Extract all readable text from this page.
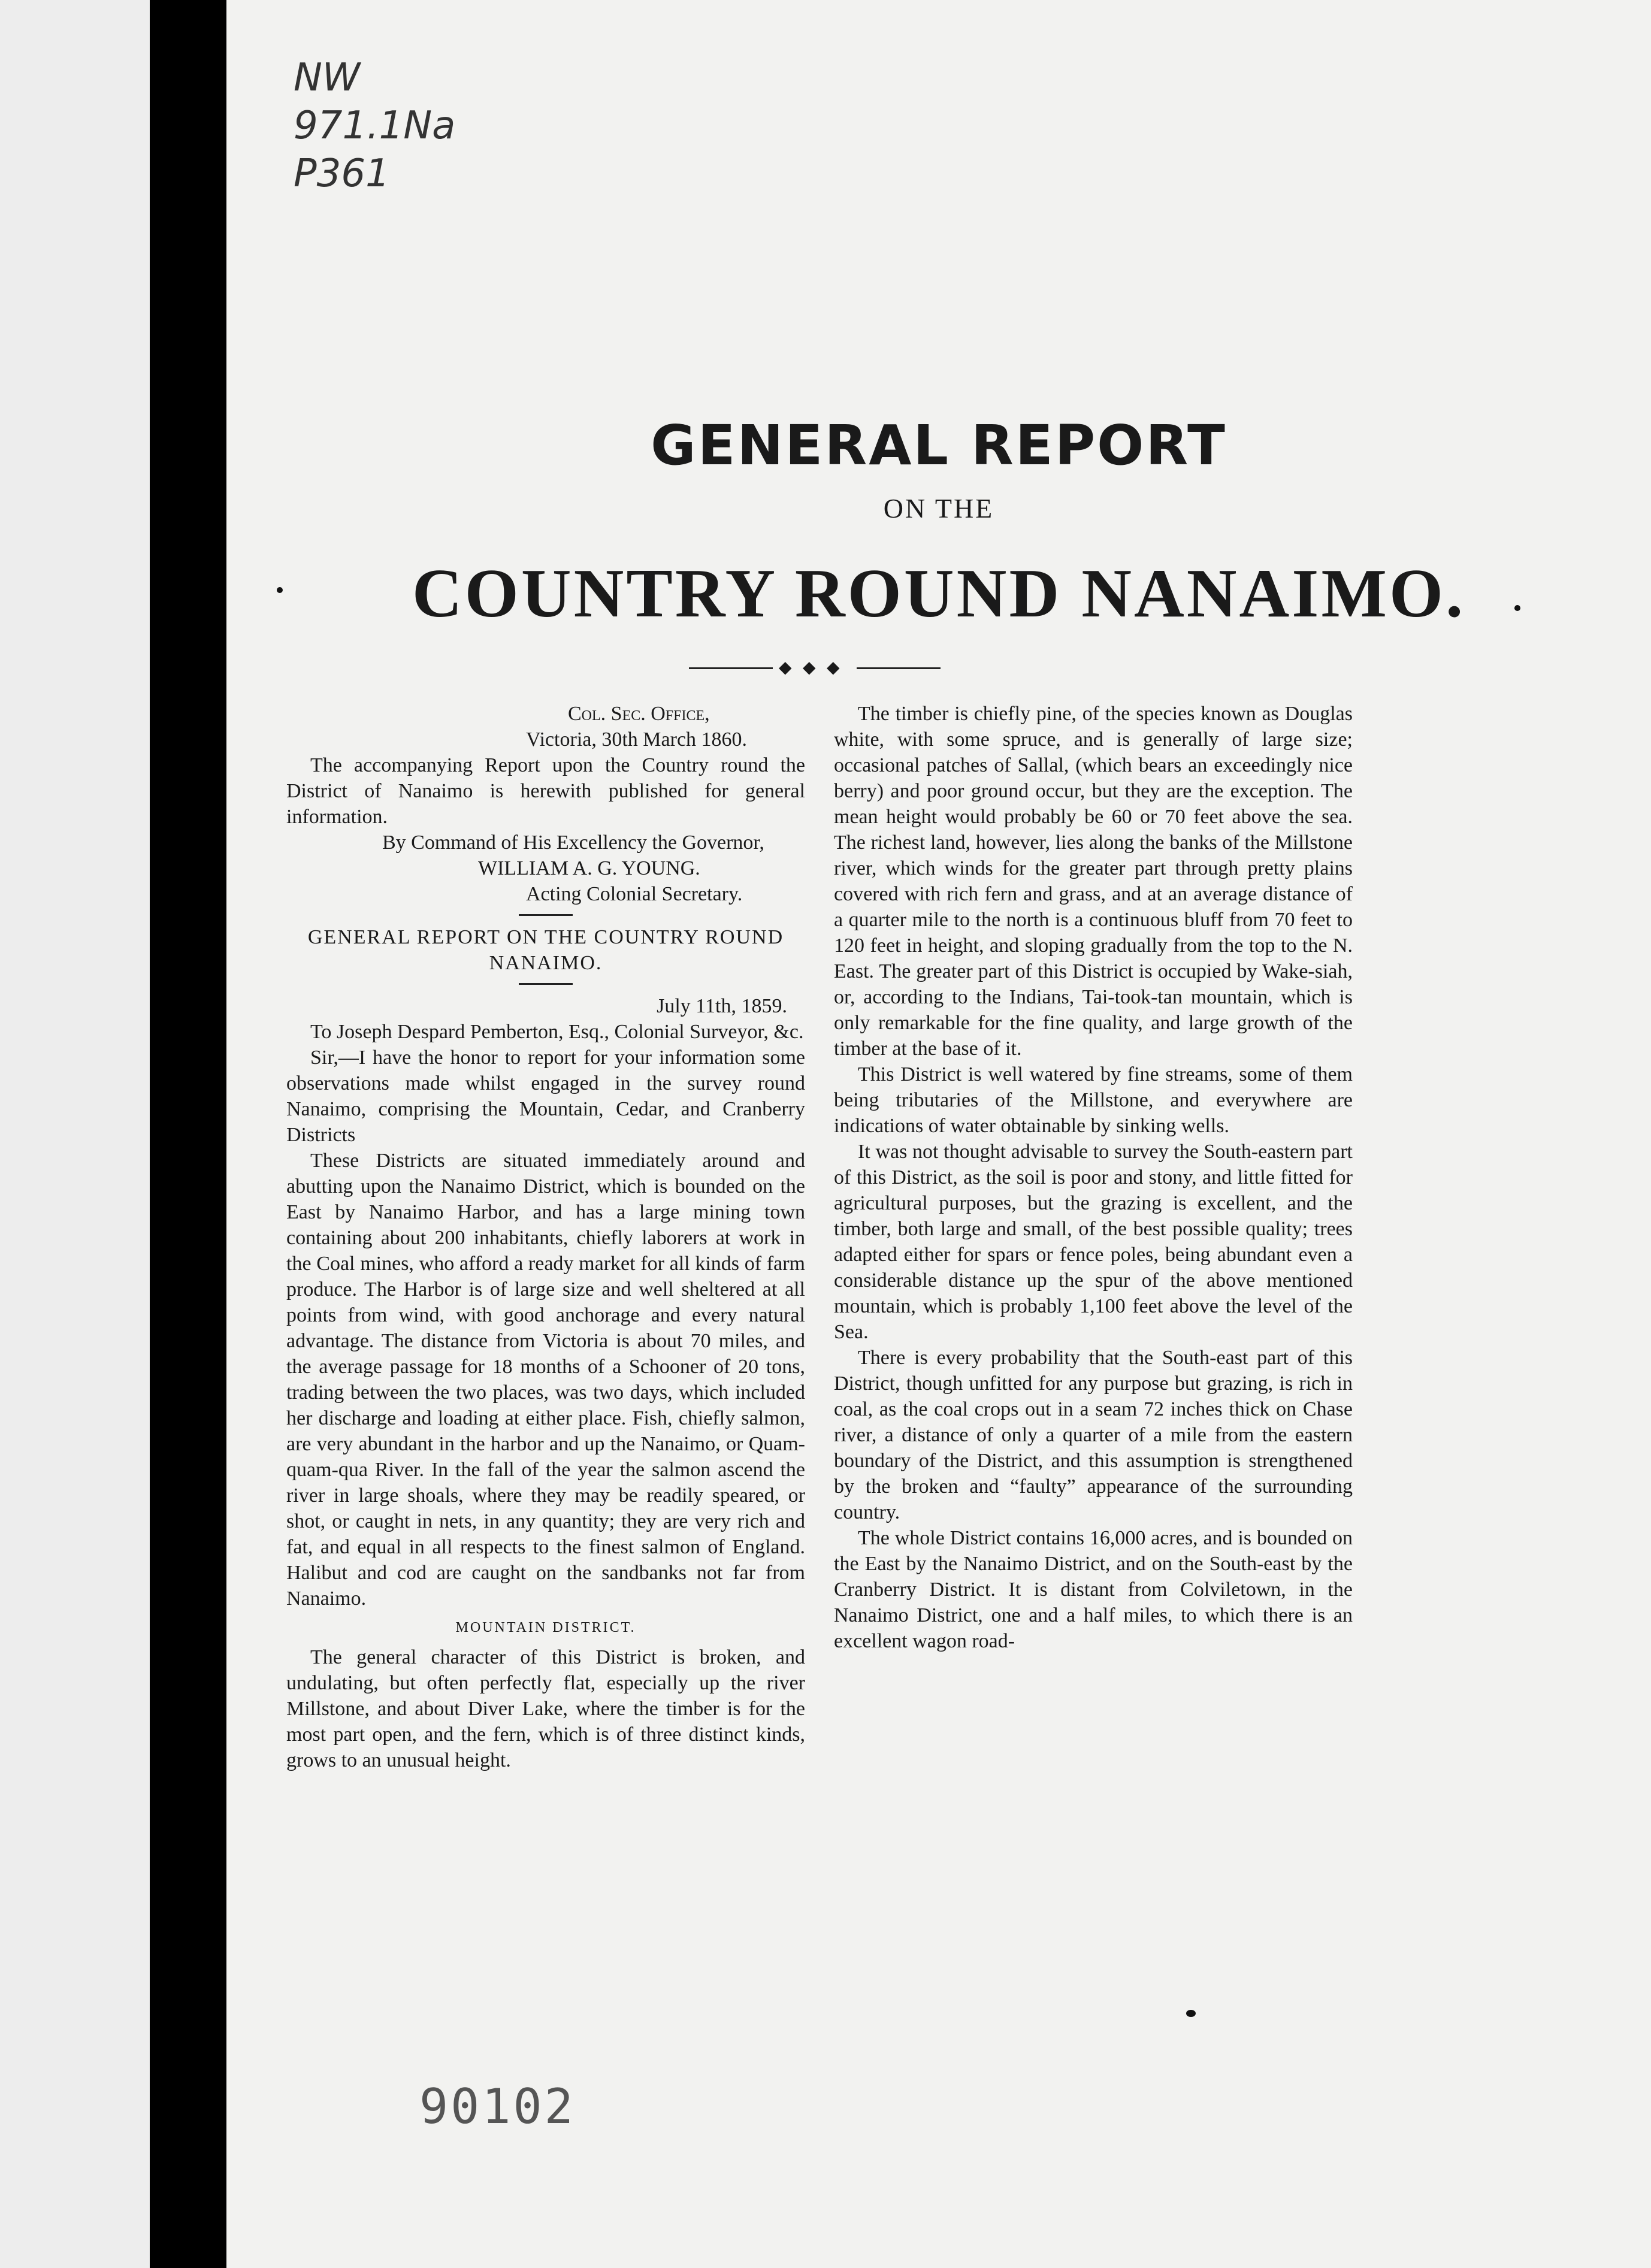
NW
971.1Na
P361
GENERAL REPORT
ON THE
COUNTRY ROUND NANAIMO.
◆ ◆ ◆

Col. Sec. Office,

Victoria, 30th March 1860.

The accompanying Report upon the Country round the District of Nanaimo is herewith published for general information.

By Command of His Excellency the Governor,

WILLIAM A. G. YOUNG.

Acting Colonial Secretary.

GENERAL REPORT ON THE COUNTRY ROUND NANAIMO.

July 11th, 1859.

To Joseph Despard Pemberton, Esq., Colonial Surveyor, &c.

Sir,—I have the honor to report for your information some observations made whilst engaged in the survey round Nanaimo, comprising the Mountain, Cedar, and Cranberry Districts

These Districts are situated immediately around and abutting upon the Nanaimo District, which is bounded on the East by Nanaimo Harbor, and has a large mining town containing about 200 inhabitants, chiefly laborers at work in the Coal mines, who afford a ready market for all kinds of farm produce. The Harbor is of large size and well sheltered at all points from wind, with good anchorage and every natural advantage. The distance from Victoria is about 70 miles, and the average passage for 18 months of a Schooner of 20 tons, trading between the two places, was two days, which included her discharge and loading at either place. Fish, chiefly salmon, are very abundant in the harbor and up the Nanaimo, or Quam-quam-qua River. In the fall of the year the salmon ascend the river in large shoals, where they may be readily speared, or shot, or caught in nets, in any quantity; they are very rich and fat, and equal in all respects to the finest salmon of England. Halibut and cod are caught on the sandbanks not far from Nanaimo.

MOUNTAIN DISTRICT.

The general character of this District is broken, and undulating, but often perfectly flat, especially up the river Millstone, and about Diver Lake, where the timber is for the most part open, and the fern, which is of three distinct kinds, grows to an unusual height.

The timber is chiefly pine, of the species known as Douglas white, with some spruce, and is generally of large size; occasional patches of Sallal, (which bears an exceedingly nice berry) and poor ground occur, but they are the exception. The mean height would probably be 60 or 70 feet above the sea. The richest land, however, lies along the banks of the Millstone river, which winds for the greater part through pretty plains covered with rich fern and grass, and at an average distance of a quarter mile to the north is a continuous bluff from 70 feet to 120 feet in height, and sloping gradually from the top to the N. East. The greater part of this District is occupied by Wake-siah, or, according to the Indians, Tai-took-tan mountain, which is only remarkable for the fine quality, and large growth of the timber at the base of it.

This District is well watered by fine streams, some of them being tributaries of the Millstone, and everywhere are indications of water obtainable by sinking wells.

It was not thought advisable to survey the South-eastern part of this District, as the soil is poor and stony, and little fitted for agricultural purposes, but the grazing is excellent, and the timber, both large and small, of the best possible quality; trees adapted either for spars or fence poles, being abundant even a considerable distance up the spur of the above mentioned mountain, which is probably 1,100 feet above the level of the Sea.

There is every probability that the South-east part of this District, though unfitted for any purpose but grazing, is rich in coal, as the coal crops out in a seam 72 inches thick on Chase river, a distance of only a quarter of a mile from the eastern boundary of the District, and this assumption is strengthened by the broken and “faulty” appearance of the surrounding country.

The whole District contains 16,000 acres, and is bounded on the East by the Nanaimo District, and on the South-east by the Cranberry District. It is distant from Colviletown, in the Nanaimo District, one and a half miles, to which there is an excellent wagon road-

90102
